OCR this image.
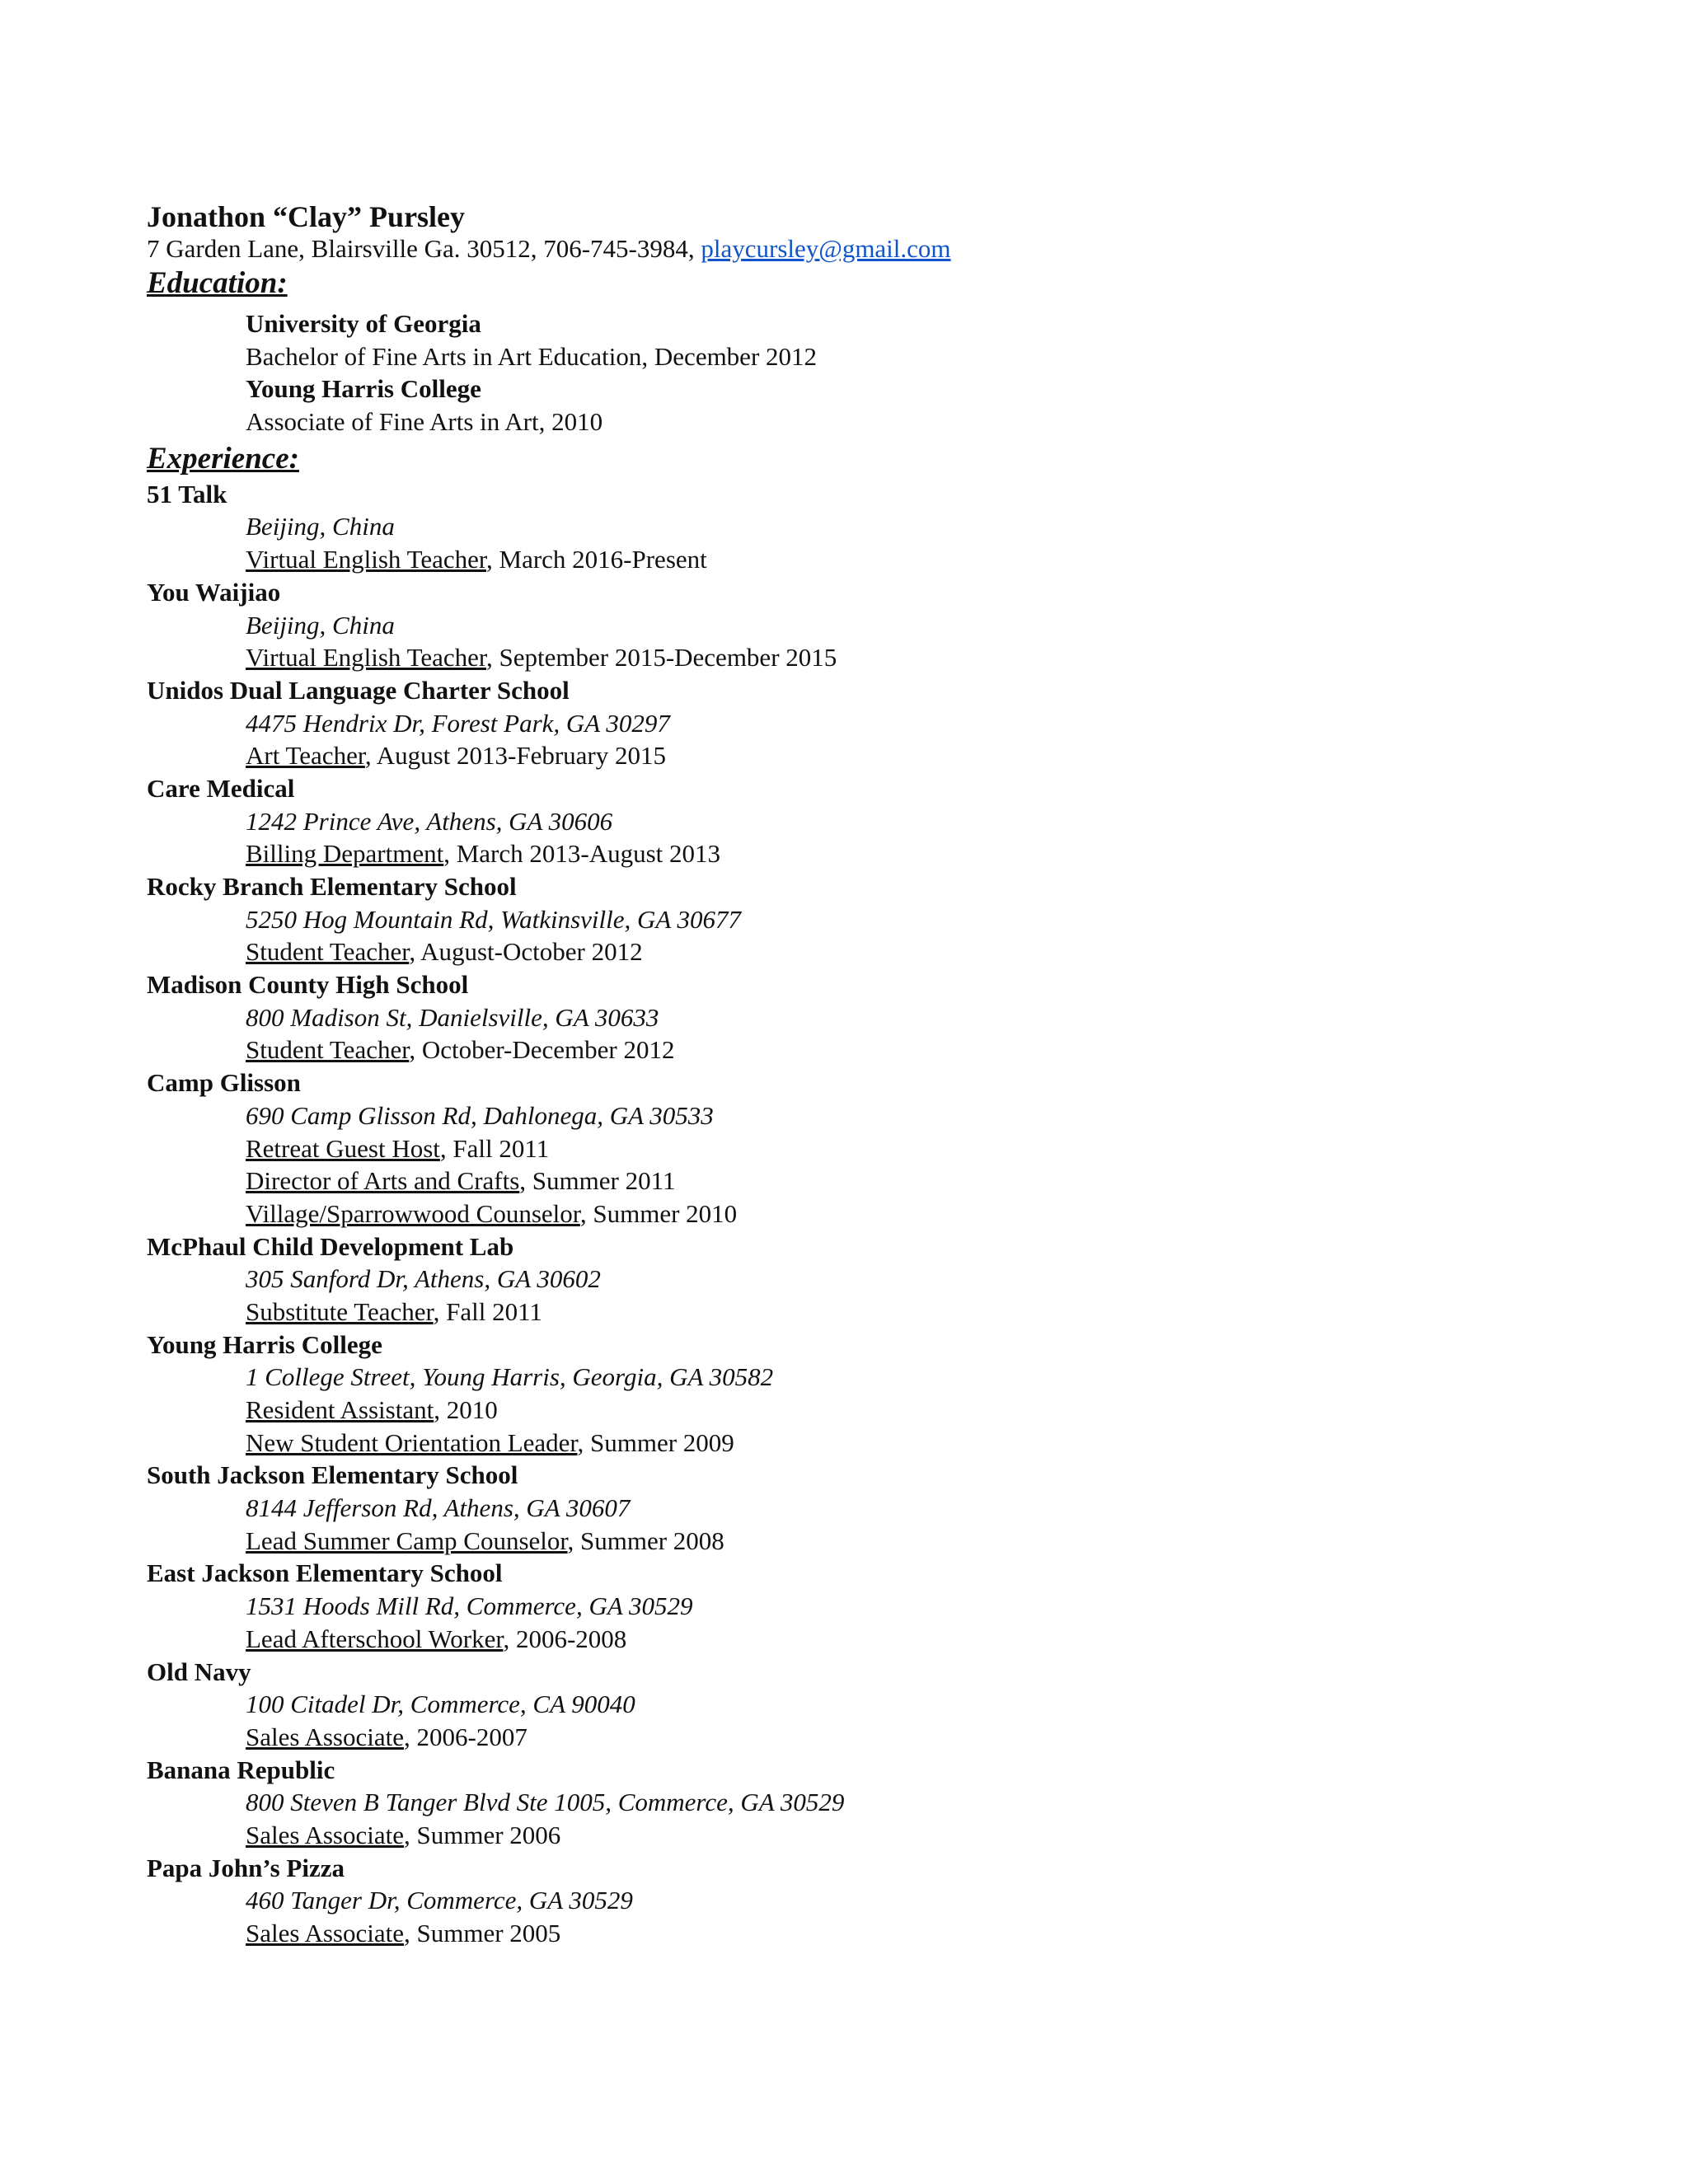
Jonathon “Clay” Pursley
7 Garden Lane, Blairsville Ga. 30512, 706-745-3984, playcursley@gmail.com
Education:
University of Georgia
Bachelor of Fine Arts in Art Education, December 2012
Young Harris College
Associate of Fine Arts in Art, 2010
Experience:
51 Talk
Beijing, China
Virtual English Teacher, March 2016-Present
You Waijiao
Beijing, China
Virtual English Teacher, September 2015-December 2015
Unidos Dual Language Charter School
4475 Hendrix Dr, Forest Park, GA 30297
Art Teacher, August 2013-February 2015
Care Medical
1242 Prince Ave, Athens, GA 30606
Billing Department, March 2013-August 2013
Rocky Branch Elementary School
5250 Hog Mountain Rd, Watkinsville, GA 30677
Student Teacher, August-October 2012
Madison County High School
800 Madison St, Danielsville, GA 30633
Student Teacher, October-December 2012
Camp Glisson
690 Camp Glisson Rd, Dahlonega, GA 30533
Retreat Guest Host, Fall 2011
Director of Arts and Crafts, Summer 2011
Village/Sparrowwood Counselor, Summer 2010
McPhaul Child Development Lab
305 Sanford Dr, Athens, GA 30602
Substitute Teacher, Fall 2011
Young Harris College
1 College Street, Young Harris, Georgia, GA 30582
Resident Assistant, 2010
New Student Orientation Leader, Summer 2009
South Jackson Elementary School
8144 Jefferson Rd, Athens, GA 30607
Lead Summer Camp Counselor, Summer 2008
East Jackson Elementary School
1531 Hoods Mill Rd, Commerce, GA 30529
Lead Afterschool Worker, 2006-2008
Old Navy
100 Citadel Dr, Commerce, CA 90040
Sales Associate, 2006-2007
Banana Republic
800 Steven B Tanger Blvd Ste 1005, Commerce, GA 30529
Sales Associate, Summer 2006
Papa John’s Pizza
460 Tanger Dr, Commerce, GA 30529
Sales Associate, Summer 2005
